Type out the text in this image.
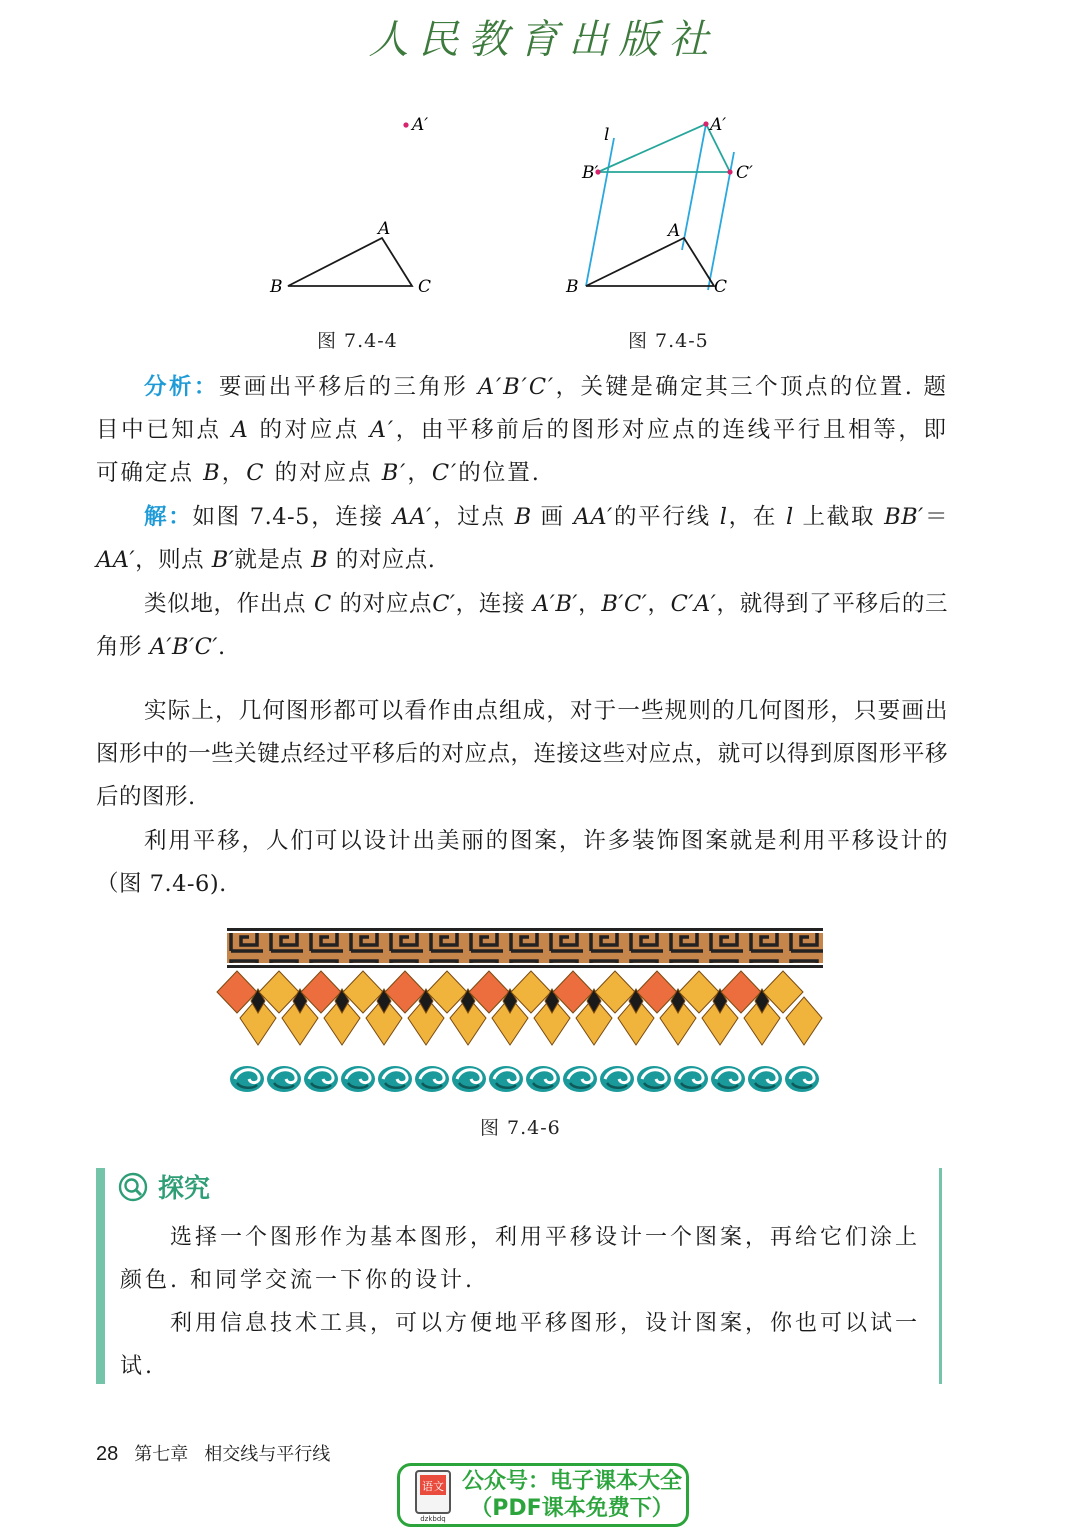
人民教育出版社
A′
A
B	C
图 7.4-4
l	A′
B′	C′
A
B	C
图 7.4-5
分析：要画出平移后的三角形 A′B′C′，关键是确定其三个顶点的位置. 题目中已知点 A 的对应点 A′，由平移前后的图形对应点的连线平行且相等，即可确定点 B，C 的对应点 B′，C′的位置.
解：如图 7.4-5，连接 AA′，过点 B 画 AA′的平行线 l，在 l 上截取 BB′＝AA′，则点 B′就是点 B 的对应点.
类似地，作出点 C 的对应点C′，连接 A′B′，B′C′，C′A′，就得到了平移后的三角形 A′B′C′.
实际上，几何图形都可以看作由点组成，对于一些规则的几何图形，只要画出图形中的一些关键点经过平移后的对应点，连接这些对应点，就可以得到原图形平移后的图形.
利用平移，人们可以设计出美丽的图案，许多装饰图案就是利用平移设计的（图 7.4-6).
图 7.4-6
探究
选择一个图形作为基本图形，利用平移设计一个图案，再给它们涂上颜色. 和同学交流一下你的设计.
利用信息技术工具，可以方便地平移图形，设计图案，你也可以试一试.
28 第七章 相交线与平行线
语文
dzkbdq
公众号：电子课本大全
（PDF课本免费下）
